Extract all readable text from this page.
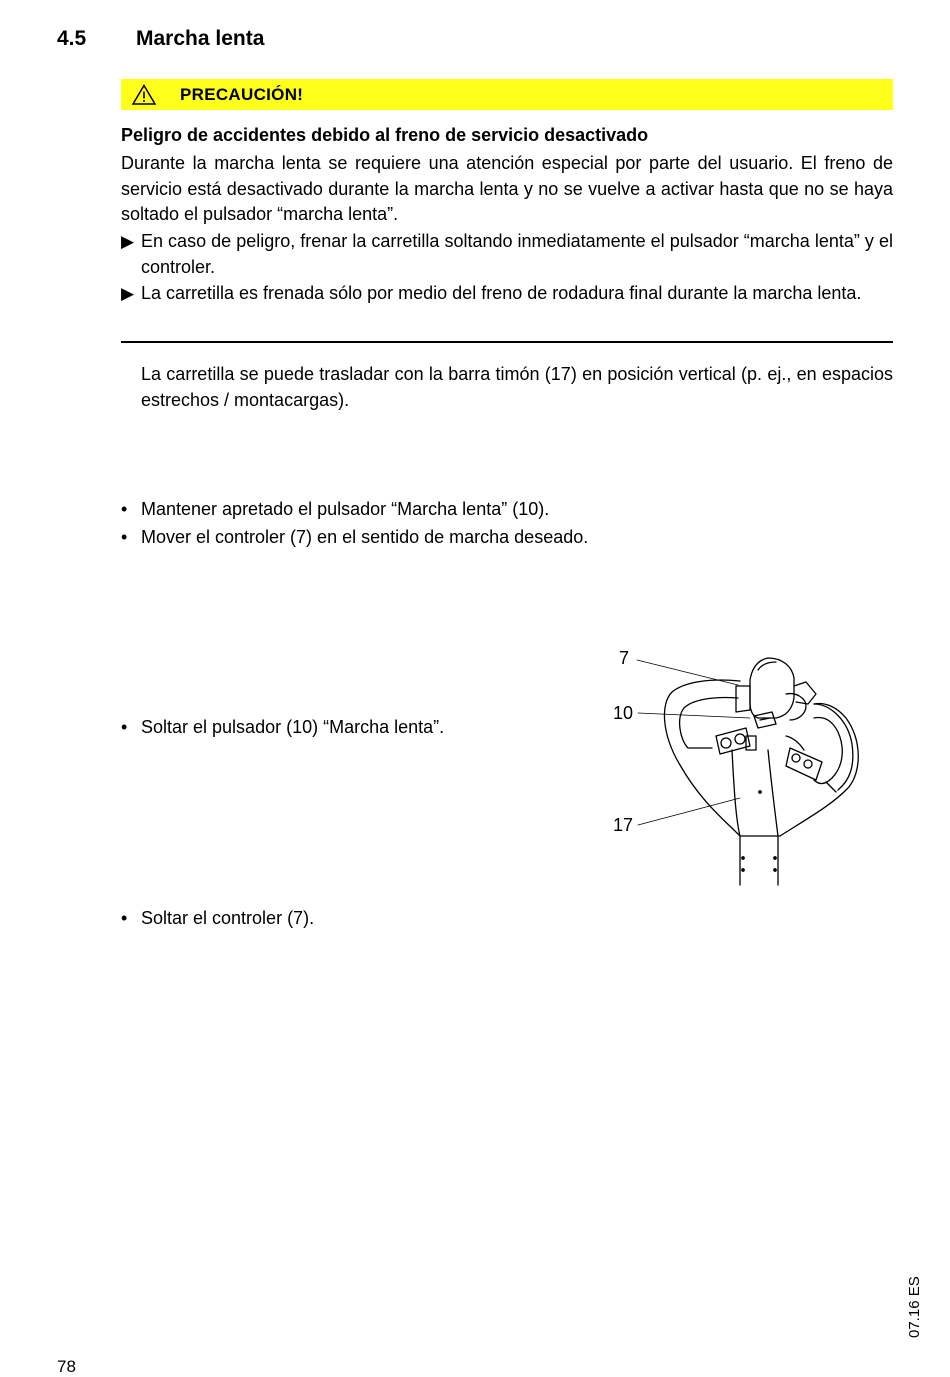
4.5 Marcha lenta
PRECAUCIÓN!
Peligro de accidentes debido al freno de servicio desactivado
Durante la marcha lenta se requiere una atención especial por parte del usuario. El freno de servicio está desactivado durante la marcha lenta y no se vuelve a activar hasta que no se haya soltado el pulsador “marcha lenta”.
▶ En caso de peligro, frenar la carretilla soltando inmediatamente el pulsador “marcha lenta” y el controler.
▶ La carretilla es frenada sólo por medio del freno de rodadura final durante la marcha lenta.
La carretilla se puede trasladar con la barra timón (17) en posición vertical (p. ej., en espacios estrechos / montacargas).
• Mantener apretado el pulsador “Marcha lenta” (10).
• Mover el controler (7) en el sentido de marcha deseado.
• Soltar el pulsador (10) “Marcha lenta”.
• Soltar el controler (7).
7
10
17
07.16 ES
78
